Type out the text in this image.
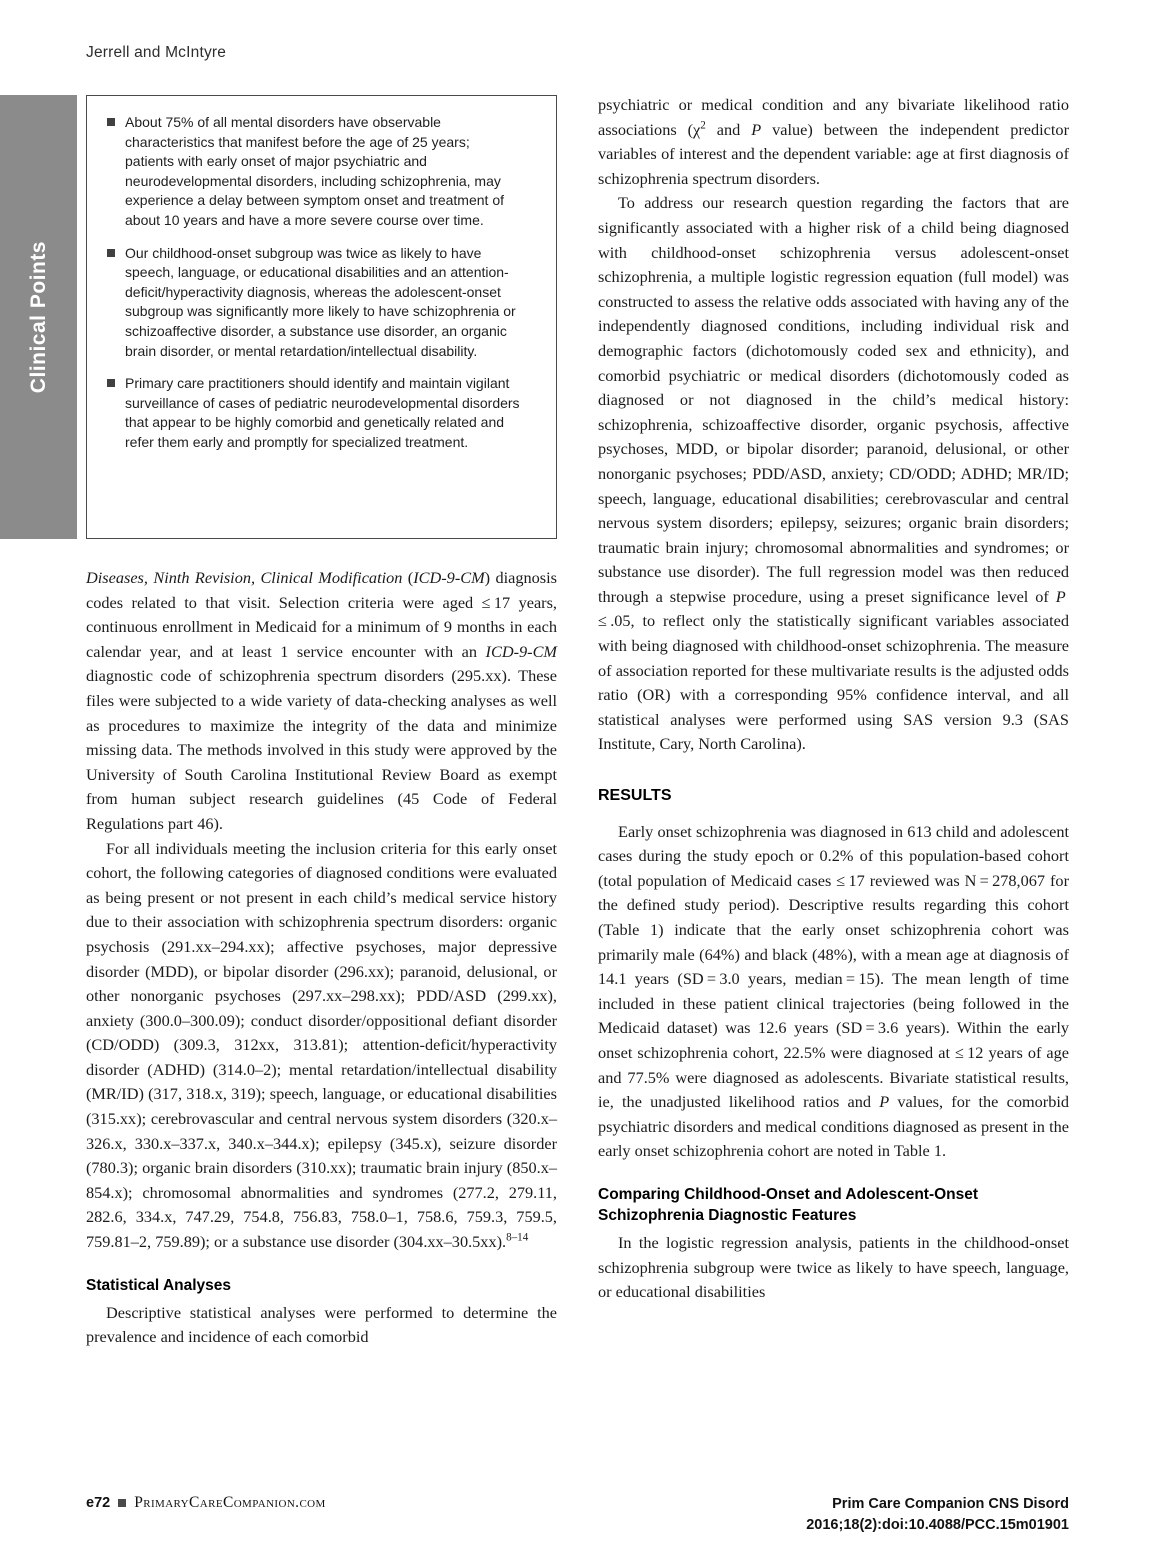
Jerrell and McIntyre
Clinical Points
About 75% of all mental disorders have observable characteristics that manifest before the age of 25 years; patients with early onset of major psychiatric and neurodevelopmental disorders, including schizophrenia, may experience a delay between symptom onset and treatment of about 10 years and have a more severe course over time.
Our childhood-onset subgroup was twice as likely to have speech, language, or educational disabilities and an attention-deficit/hyperactivity diagnosis, whereas the adolescent-onset subgroup was significantly more likely to have schizophrenia or schizoaffective disorder, a substance use disorder, an organic brain disorder, or mental retardation/intellectual disability.
Primary care practitioners should identify and maintain vigilant surveillance of cases of pediatric neurodevelopmental disorders that appear to be highly comorbid and genetically related and refer them early and promptly for specialized treatment.

Diseases, Ninth Revision, Clinical Modification (ICD-9-CM) diagnosis codes related to that visit. Selection criteria were aged ≤ 17 years, continuous enrollment in Medicaid for a minimum of 9 months in each calendar year, and at least 1 service encounter with an ICD-9-CM diagnostic code of schizophrenia spectrum disorders (295.xx). These files were subjected to a wide variety of data-checking analyses as well as procedures to maximize the integrity of the data and minimize missing data. The methods involved in this study were approved by the University of South Carolina Institutional Review Board as exempt from human subject research guidelines (45 Code of Federal Regulations part 46).

For all individuals meeting the inclusion criteria for this early onset cohort, the following categories of diagnosed conditions were evaluated as being present or not present in each child’s medical service history due to their association with schizophrenia spectrum disorders: organic psychosis (291.xx–294.xx); affective psychoses, major depressive disorder (MDD), or bipolar disorder (296.xx); paranoid, delusional, or other nonorganic psychoses (297.xx–298.xx); PDD/ASD (299.xx), anxiety (300.0–300.09); conduct disorder/oppositional defiant disorder (CD/ODD) (309.3, 312xx, 313.81); attention-deficit/hyperactivity disorder (ADHD) (314.0–2); mental retardation/intellectual disability (MR/ID) (317, 318.x, 319); speech, language, or educational disabilities (315.xx); cerebrovascular and central nervous system disorders (320.x–326.x, 330.x–337.x, 340.x–344.x); epilepsy (345.x), seizure disorder (780.3); organic brain disorders (310.xx); traumatic brain injury (850.x–854.x); chromosomal abnormalities and syndromes (277.2, 279.11, 282.6, 334.x, 747.29, 754.8, 756.83, 758.0–1, 758.6, 759.3, 759.5, 759.81–2, 759.89); or a substance use disorder (304.xx–30.5xx).$^{8-14}$

Statistical Analyses

Descriptive statistical analyses were performed to determine the prevalence and incidence of each comorbid

psychiatric or medical condition and any bivariate likelihood ratio associations ($\chi^2$ and P value) between the independent predictor variables of interest and the dependent variable: age at first diagnosis of schizophrenia spectrum disorders.

To address our research question regarding the factors that are significantly associated with a higher risk of a child being diagnosed with childhood-onset schizophrenia versus adolescent-onset schizophrenia, a multiple logistic regression equation (full model) was constructed to assess the relative odds associated with having any of the independently diagnosed conditions, including individual risk and demographic factors (dichotomously coded sex and ethnicity), and comorbid psychiatric or medical disorders (dichotomously coded as diagnosed or not diagnosed in the child’s medical history: schizophrenia, schizoaffective disorder, organic psychosis, affective psychoses, MDD, or bipolar disorder; paranoid, delusional, or other nonorganic psychoses; PDD/ASD, anxiety; CD/ODD; ADHD; MR/ID; speech, language, educational disabilities; cerebrovascular and central nervous system disorders; epilepsy, seizures; organic brain disorders; traumatic brain injury; chromosomal abnormalities and syndromes; or substance use disorder). The full regression model was then reduced through a stepwise procedure, using a preset significance level of P ≤ .05, to reflect only the statistically significant variables associated with being diagnosed with childhood-onset schizophrenia. The measure of association reported for these multivariate results is the adjusted odds ratio (OR) with a corresponding 95% confidence interval, and all statistical analyses were performed using SAS version 9.3 (SAS Institute, Cary, North Carolina).

RESULTS

Early onset schizophrenia was diagnosed in 613 child and adolescent cases during the study epoch or 0.2% of this population-based cohort (total population of Medicaid cases ≤ 17 reviewed was N = 278,067 for the defined study period). Descriptive results regarding this cohort (Table 1) indicate that the early onset schizophrenia cohort was primarily male (64%) and black (48%), with a mean age at diagnosis of 14.1 years (SD = 3.0 years, median = 15). The mean length of time included in these patient clinical trajectories (being followed in the Medicaid dataset) was 12.6 years (SD = 3.6 years). Within the early onset schizophrenia cohort, 22.5% were diagnosed at ≤ 12 years of age and 77.5% were diagnosed as adolescents. Bivariate statistical results, ie, the unadjusted likelihood ratios and P values, for the comorbid psychiatric disorders and medical conditions diagnosed as present in the early onset schizophrenia cohort are noted in Table 1.

Comparing Childhood-Onset and Adolescent-Onset Schizophrenia Diagnostic Features

In the logistic regression analysis, patients in the childhood-onset schizophrenia subgroup were twice as likely to have speech, language, or educational disabilities

e72 PrimaryCareCompanion.com	Prim Care Companion CNS Disord
2016;18(2):doi:10.4088/PCC.15m01901
